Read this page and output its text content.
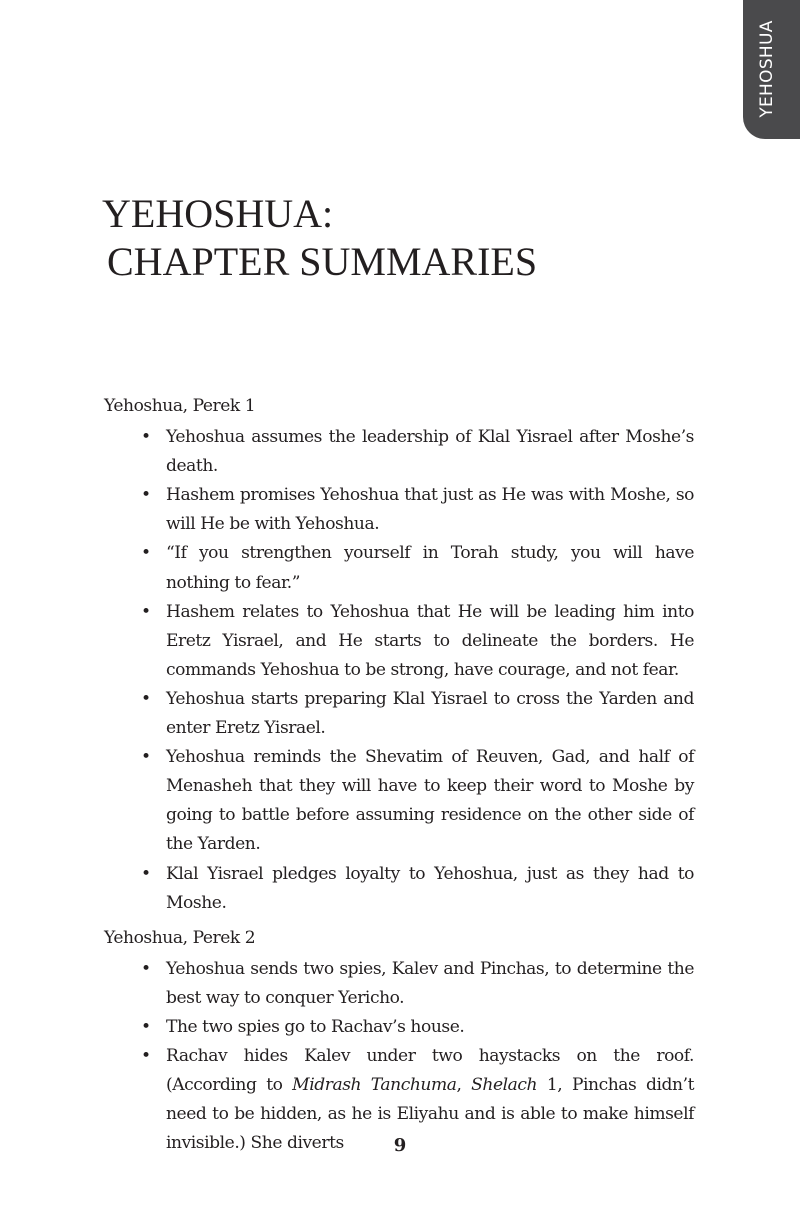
YEHOSHUA
YEHOSHUA:
CHAPTER SUMMARIES

Yehoshua, Perek 1

• Yehoshua assumes the leadership of Klal Yisrael after Moshe’s death.
• Hashem promises Yehoshua that just as He was with Moshe, so will He be with Yehoshua.
• “If you strengthen yourself in Torah study, you will have nothing to fear.”
• Hashem relates to Yehoshua that He will be leading him into Eretz Yisrael, and He starts to delineate the borders. He commands Yehoshua to be strong, have courage, and not fear.
• Yehoshua starts preparing Klal Yisrael to cross the Yarden and enter Eretz Yisrael.
• Yehoshua reminds the Shevatim of Reuven, Gad, and half of Menasheh that they will have to keep their word to Moshe by going to battle before assuming residence on the other side of the Yarden.
• Klal Yisrael pledges loyalty to Yehoshua, just as they had to Moshe.

Yehoshua, Perek 2

• Yehoshua sends two spies, Kalev and Pinchas, to determine the best way to conquer Yericho.
• The two spies go to Rachav’s house.
• Rachav hides Kalev under two haystacks on the roof. (According to Midrash Tanchuma, Shelach 1, Pinchas didn’t need to be hidden, as he is Eliyahu and is able to make himself invisible.) She diverts	9
